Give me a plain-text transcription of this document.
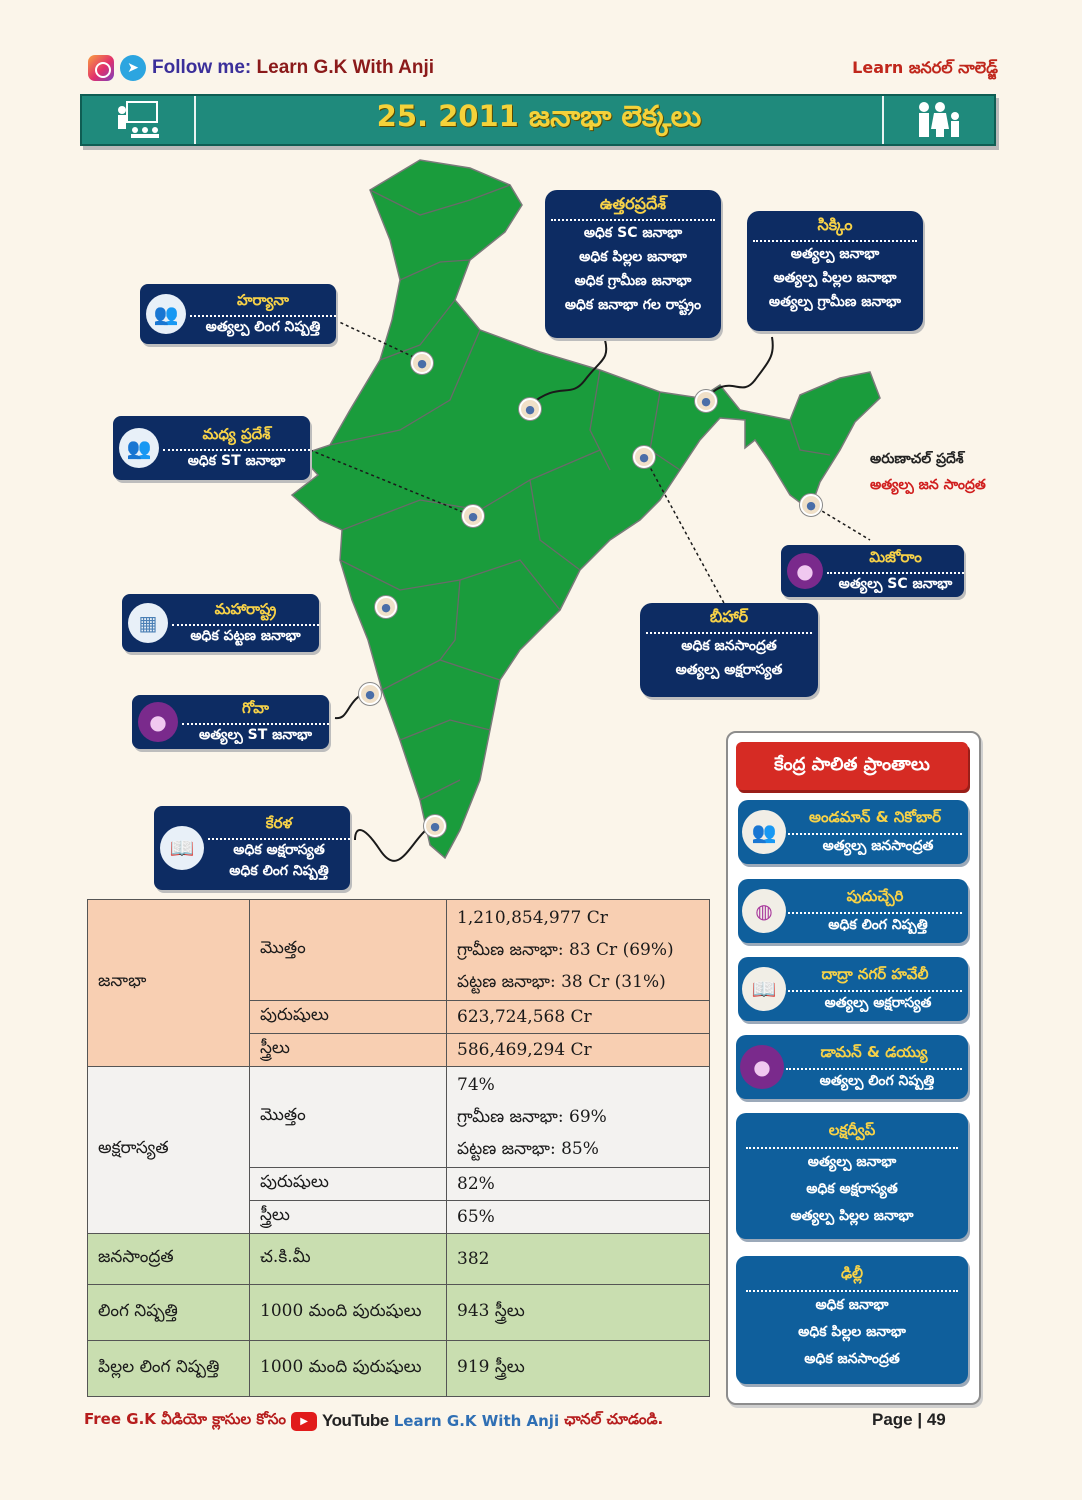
➤ Follow me: Learn G.K With Anji	Learn జనరల్ నాలెడ్జ్
25. 2011 జనాభా లెక్కలు
●
●
●
●
●
●
●
●
●
ఉత్తరప్రదేశ్
అధిక SC జనాభా
అధిక పిల్లల జనాభా
అధిక గ్రామీణ జనాభా
అధిక జనాభా గల రాష్ట్రం
సిక్కిం
అత్యల్ప జనాభా
అత్యల్ప పిల్లల జనాభా
అత్యల్ప గ్రామీణ జనాభా
👥
హర్యానా
అత్యల్ప లింగ నిష్పత్తి
👥
మధ్య ప్రదేశ్
అధిక ST జనాభా	అరుణాచల్ ప్రదేశ్
అత్యల్ప జన సాంద్రత
●
మిజోరాం
అత్యల్ప SC జనాభా
▦
మహారాష్ట్ర
అధిక పట్టణ జనాభా
బీహార్
అధిక జనసాంద్రత
అత్యల్ప అక్షరాస్యత
●
గోవా
అత్యల్ప ST జనాభా
📖
కేరళ
అధిక అక్షరాస్యత
అధిక లింగ నిష్పత్తి
జనాభా	మొత్తం	1,210,854,977 Cr
గ్రామీణ జనాభా: 83 Cr (69%)
పట్టణ జనాభా: 38 Cr (31%)

	పురుషులు	623,724,568 Cr
	స్త్రీలు	586,469,294 Cr
అక్షరాస్యత	మొత్తం	74%
గ్రామీణ జనాభా: 69%
పట్టణ జనాభా: 85%

	పురుషులు	82%
	స్త్రీలు	65%
జనసాంద్రత	చ.కి.మీ	382
లింగ నిష్పత్తి	1000 మంది పురుషులు	943 స్త్రీలు
పిల్లల లింగ నిష్పత్తి	1000 మంది పురుషులు	919 స్త్రీలు
కేంద్ర పాలిత ప్రాంతాలు
👥
అండమాన్ & నికోబార్
అత్యల్ప జనసాంద్రత
◍
పుదుచ్చేరి
అధిక లింగ నిష్పత్తి
📖
దాద్రా నగర్ హవేలీ
అత్యల్ప అక్షరాస్యత
●
డామన్ & డయ్యు
అత్యల్ప లింగ నిష్పత్తి
లక్షద్వీప్
అత్యల్ప జనాభా
అధిక అక్షరాస్యత
అత్యల్ప పిల్లల జనాభా
ఢిల్లీ
అధిక జనాభా
అధిక పిల్లల జనాభా
అధిక జనసాంద్రత
Free G.K వీడియో క్లాసుల కోసం	▶ YouTube Learn G.K With Anji ఛానల్ చూడండి.	Page | 49
